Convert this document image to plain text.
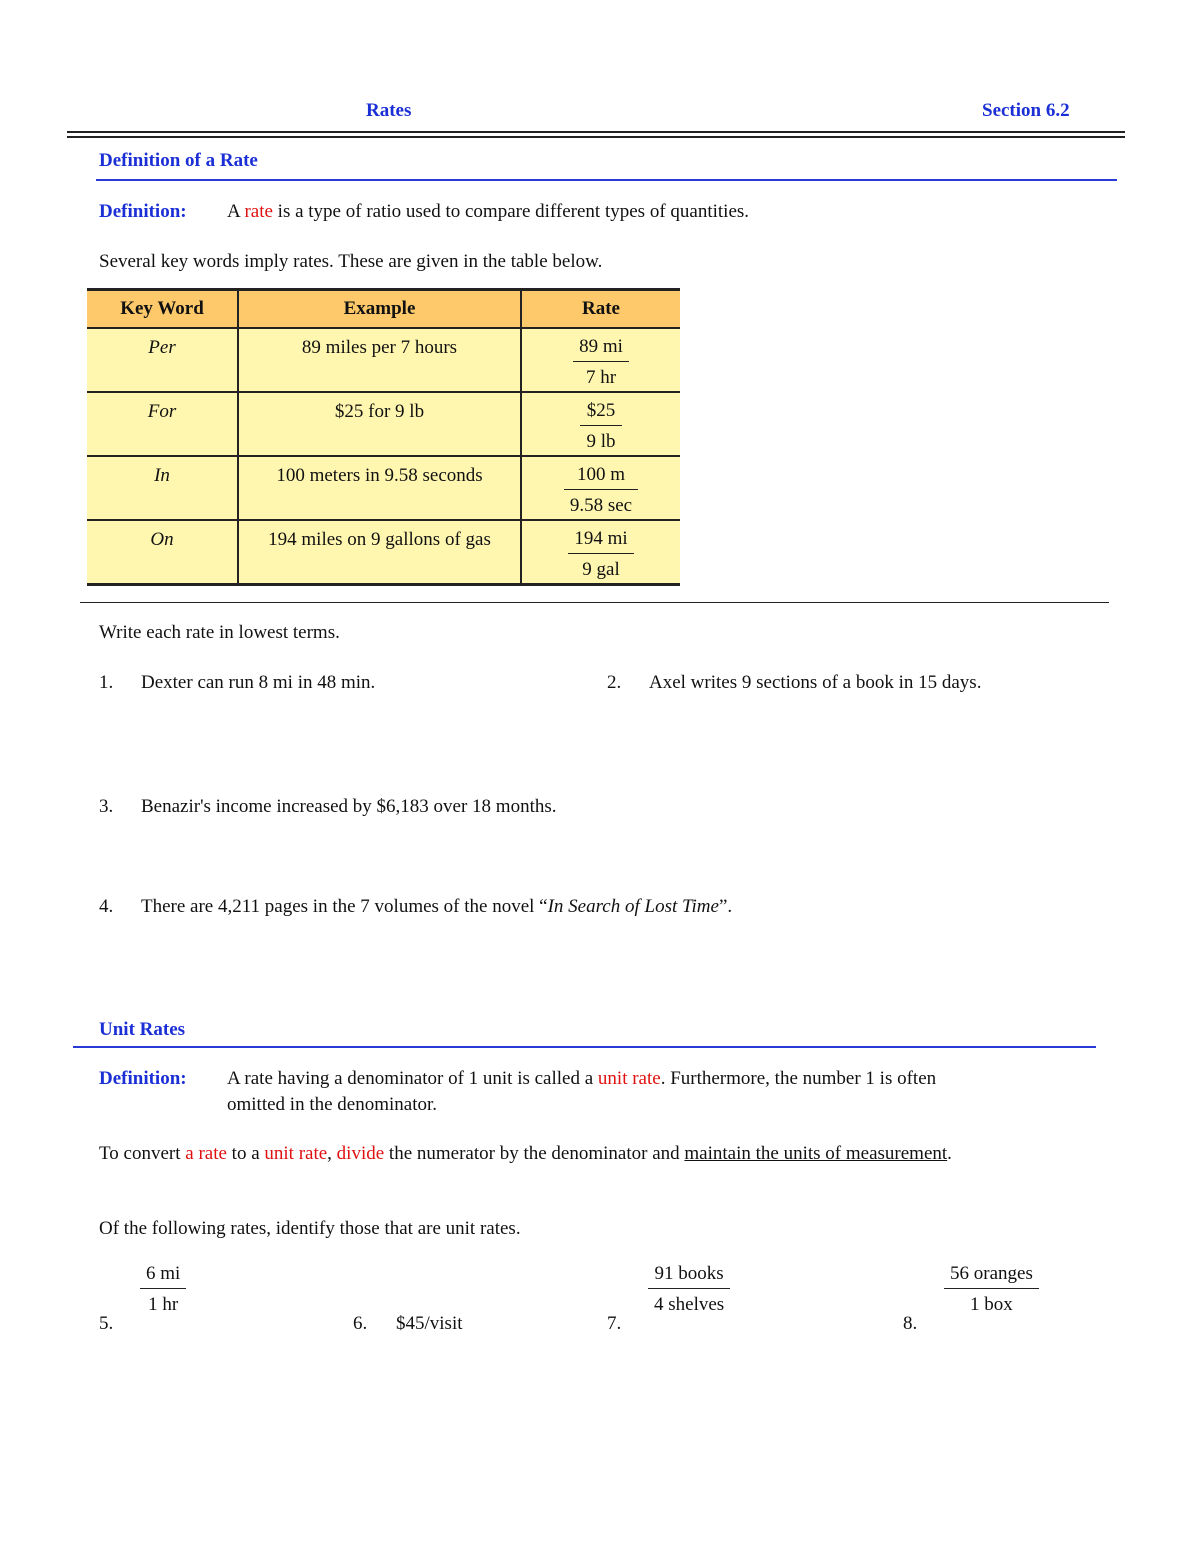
Rates	Section 6.2
Definition of a Rate
Definition: A rate is a type of ratio used to compare different types of quantities.

Several key words imply rates. These are given in the table below.

Key Word	Example	Rate

Per	89 miles per 7 hours	$\frac{89 mi}{7 hr}$

For	$25 for 9 lb	$\frac{\$25}{9 lb}$

In	100 meters in 9.58 seconds	$\frac{100 m}{9.58 \sec}$

On	194 miles on 9 gallons of gas	$\frac{194 mi}{\text{9 gal}}$

Write each rate in lowest terms.

1. Dexter can run 8 mi in 48 min.	2. Axel writes 9 sections of a book in 15 days.

3. Benazir's income increased by $6,183 over 18 months.

4. There are 4,211 pages in the 7 volumes of the novel “In Search of Lost Time”.

Unit Rates
Definition: A rate having a denominator of 1 unit is called a unit rate. Furthermore, the number 1 is often

omitted in the denominator.

To convert a rate to a unit rate, divide the numerator by the denominator and maintain the units of measurement.

Of the following rates, identify those that are unit rates.

5.
$\frac{6 mi}{1 hr}$
6. $45/visit	7.
91 books
4 shelves
8.
56 oranges
1 box
